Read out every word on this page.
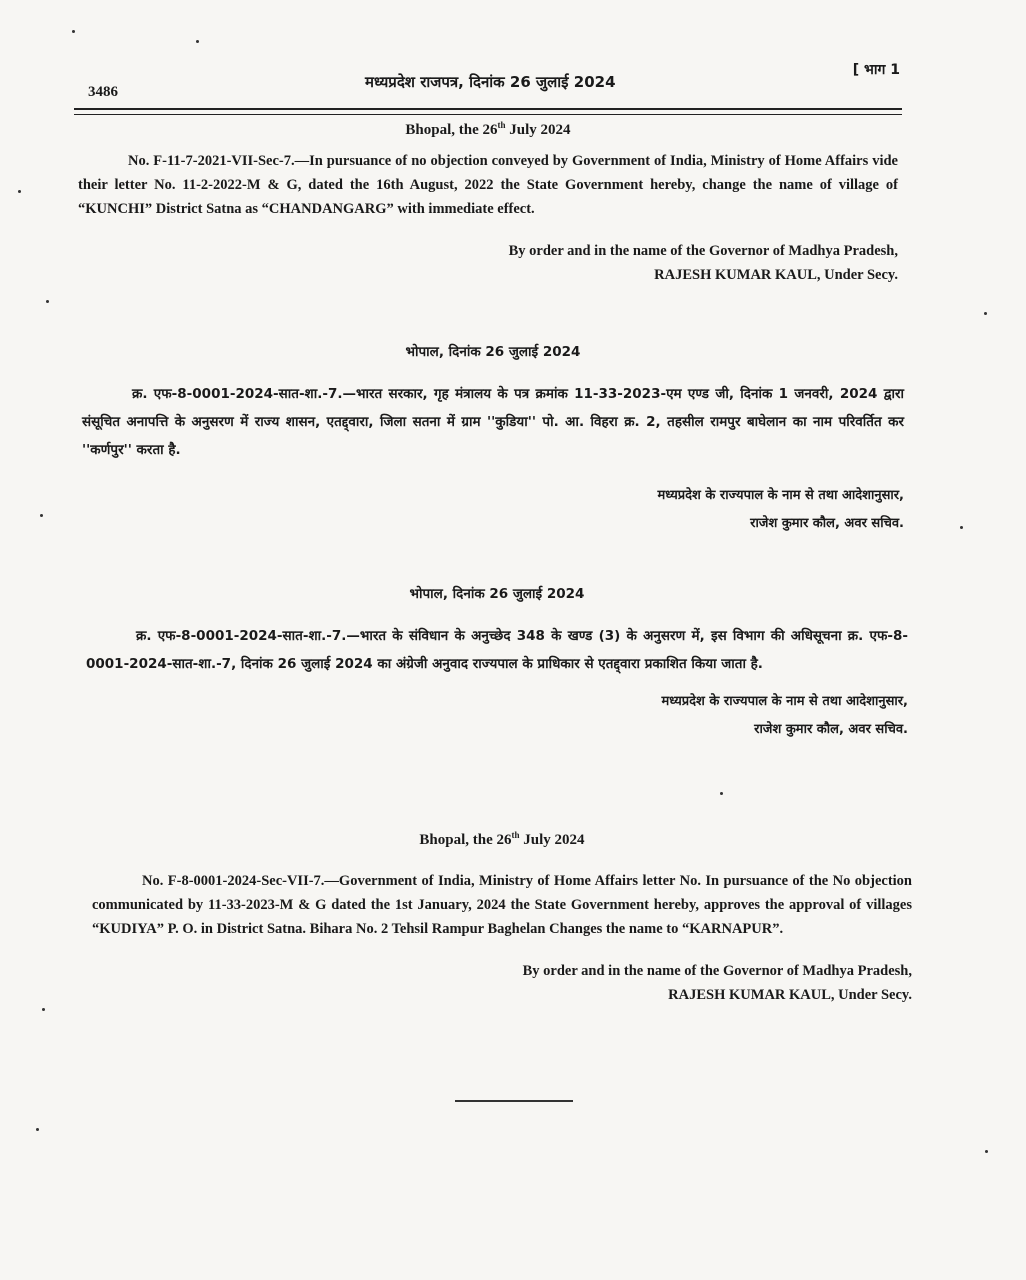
3486
मध्यप्रदेश राजपत्र, दिनांक 26 जुलाई 2024
[ भाग 1
Bhopal, the 26th July 2024
No. F-11-7-2021-VII-Sec-7.—In pursuance of no objection conveyed by Government of India, Ministry of Home Affairs vide their letter No. 11-2-2022-M & G, dated the 16th August, 2022 the State Government hereby, change the name of village of “KUNCHI” District Satna as “CHANDANGARG” with immediate effect.
By order and in the name of the Governor of Madhya Pradesh,
RAJESH KUMAR KAUL, Under Secy.
भोपाल, दिनांक 26 जुलाई 2024
क्र. एफ-8-0001-2024-सात-शा.-7.—भारत सरकार, गृह मंत्रालय के पत्र क्रमांक 11-33-2023-एम एण्ड जी, दिनांक 1 जनवरी, 2024 द्वारा संसूचित अनापत्ति के अनुसरण में राज्य शासन, एतद्द्वारा, जिला सतना में ग्राम ''कुडिया'' पो. आ. विहरा क्र. 2, तहसील रामपुर बाघेलान का नाम परिवर्तित कर ''कर्णपुर'' करता है.
मध्यप्रदेश के राज्यपाल के नाम से तथा आदेशानुसार,
राजेश कुमार कौल, अवर सचिव.
भोपाल, दिनांक 26 जुलाई 2024
क्र. एफ-8-0001-2024-सात-शा.-7.—भारत के संविधान के अनुच्छेद 348 के खण्ड (3) के अनुसरण में, इस विभाग की अधिसूचना क्र. एफ-8-0001-2024-सात-शा.-7, दिनांक 26 जुलाई 2024 का अंग्रेजी अनुवाद राज्यपाल के प्राधिकार से एतद्द्वारा प्रकाशित किया जाता है.
मध्यप्रदेश के राज्यपाल के नाम से तथा आदेशानुसार,
राजेश कुमार कौल, अवर सचिव.
Bhopal, the 26th July 2024
No. F-8-0001-2024-Sec-VII-7.—Government of India, Ministry of Home Affairs letter No. In pursuance of the No objection communicated by 11-33-2023-M & G dated the 1st January, 2024 the State Government hereby, approves the approval of villages “KUDIYA” P. O. in District Satna. Bihara No. 2 Tehsil Rampur Baghelan Changes the name to “KARNAPUR”.
By order and in the name of the Governor of Madhya Pradesh,
RAJESH KUMAR KAUL, Under Secy.
